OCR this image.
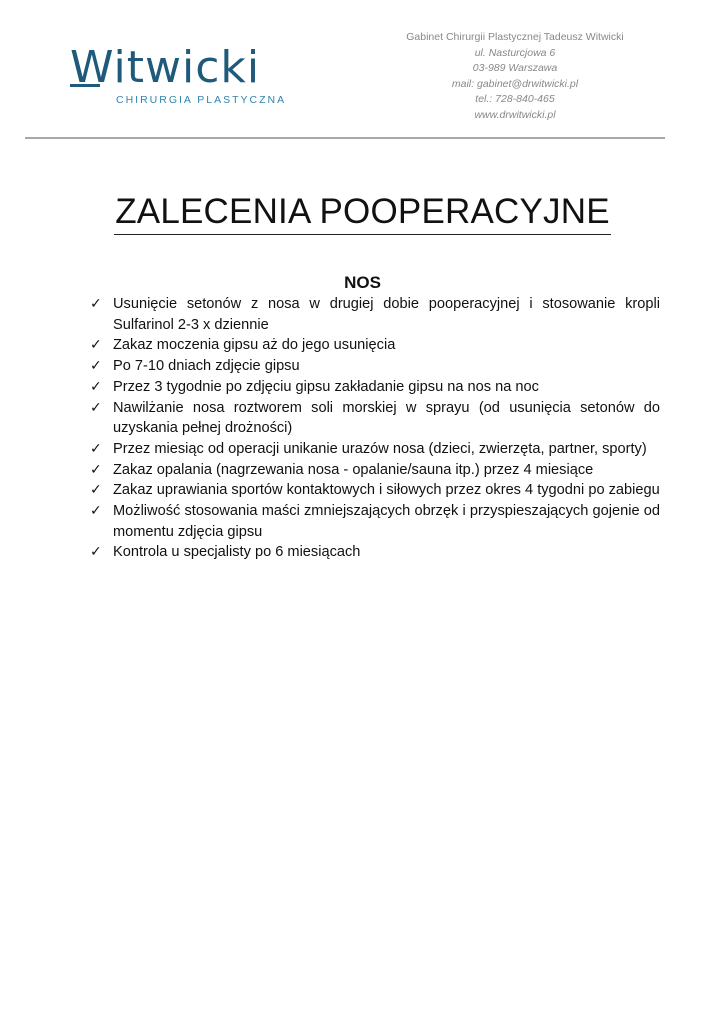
Witwicki
CHIRURGIA PLASTYCZNA
Gabinet Chirurgii Plastycznej Tadeusz Witwicki
ul. Nasturcjowa 6
03-989 Warszawa
mail: gabinet@drwitwicki.pl
tel.: 728-840-465
www.drwitwicki.pl
ZALECENIA POOPERACYJNE
NOS
✓ Usunięcie setonów z nosa w drugiej dobie pooperacyjnej i stosowanie kropli Sulfarinol 2-3 x dziennie
✓ Zakaz moczenia gipsu aż do jego usunięcia
✓ Po 7-10 dniach zdjęcie gipsu
✓ Przez 3 tygodnie po zdjęciu gipsu zakładanie gipsu na nos na noc
✓ Nawilżanie nosa roztworem soli morskiej w sprayu (od usunięcia setonów do uzyskania pełnej drożności)
✓ Przez miesiąc od operacji unikanie urazów nosa (dzieci, zwierzęta, partner, sporty)
✓ Zakaz opalania (nagrzewania nosa - opalanie/sauna itp.) przez 4 miesiące
✓ Zakaz uprawiania sportów kontaktowych i siłowych przez okres 4 tygodni po zabiegu
✓ Możliwość stosowania maści zmniejszających obrzęk i przyspieszających gojenie od momentu zdjęcia gipsu
✓ Kontrola u specjalisty po 6 miesiącach
